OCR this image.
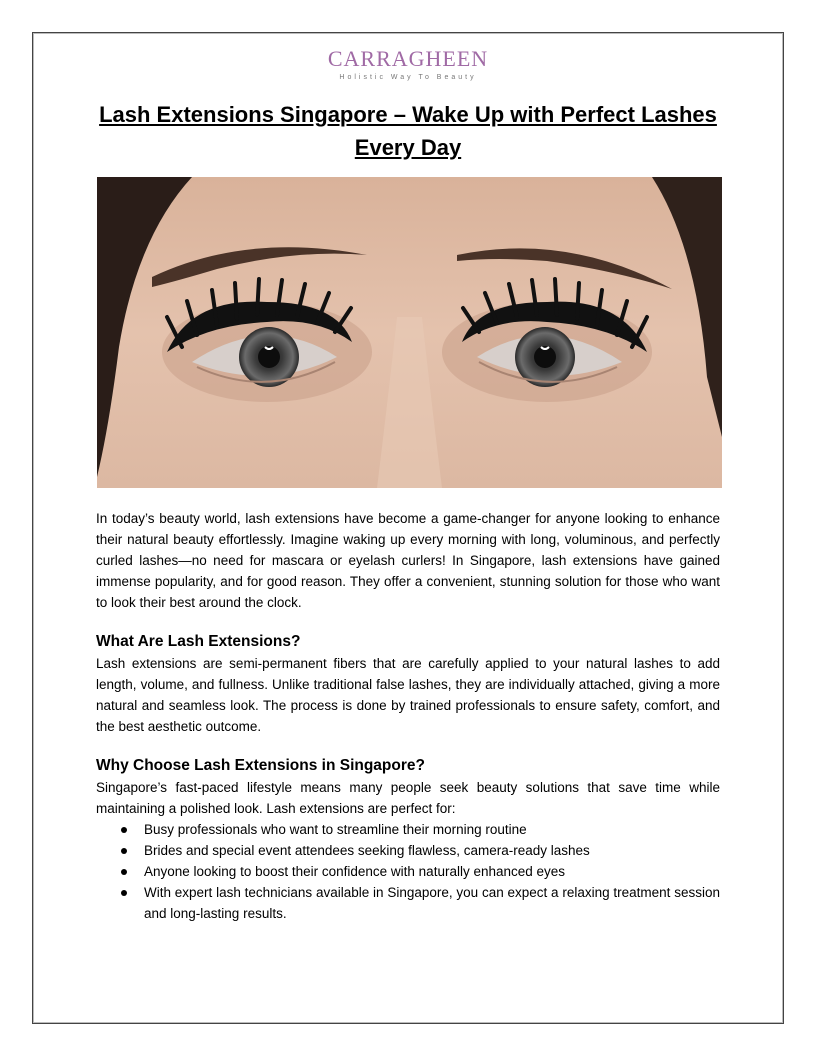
CARRAGHEEN
Holistic Way To Beauty
Lash Extensions Singapore – Wake Up with Perfect Lashes Every Day

In today’s beauty world, lash extensions have become a game-changer for anyone looking to enhance their natural beauty effortlessly. Imagine waking up every morning with long, voluminous, and perfectly curled lashes—no need for mascara or eyelash curlers! In Singapore, lash extensions have gained immense popularity, and for good reason. They offer a convenient, stunning solution for those who want to look their best around the clock.

What Are Lash Extensions?

Lash extensions are semi-permanent fibers that are carefully applied to your natural lashes to add length, volume, and fullness. Unlike traditional false lashes, they are individually attached, giving a more natural and seamless look. The process is done by trained professionals to ensure safety, comfort, and the best aesthetic outcome.

Why Choose Lash Extensions in Singapore?

Singapore’s fast-paced lifestyle means many people seek beauty solutions that save time while maintaining a polished look. Lash extensions are perfect for:

Busy professionals who want to streamline their morning routine
Brides and special event attendees seeking flawless, camera-ready lashes
Anyone looking to boost their confidence with naturally enhanced eyes
With expert lash technicians available in Singapore, you can expect a relaxing treatment session and long-lasting results.
